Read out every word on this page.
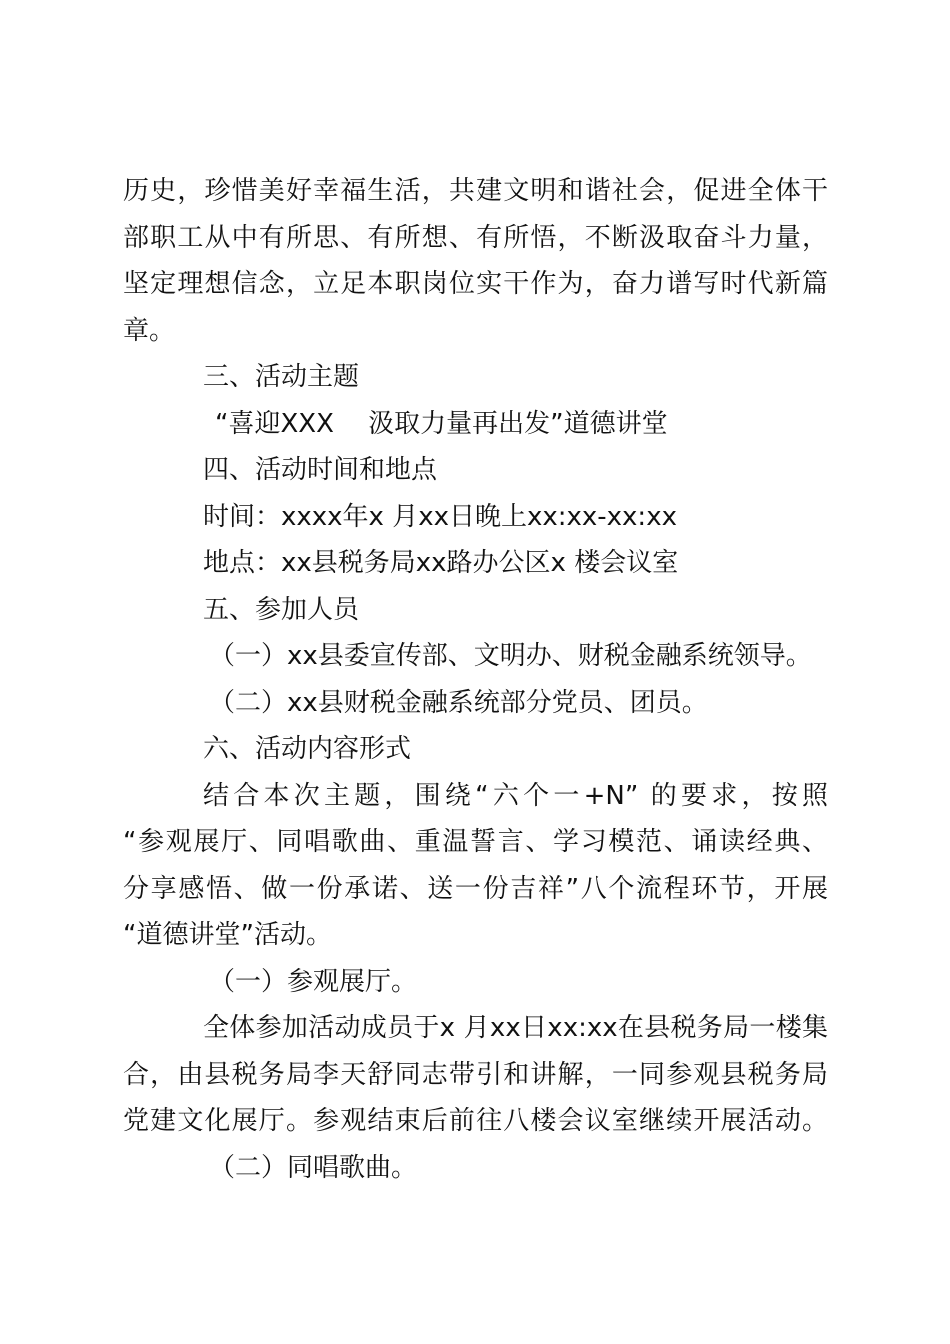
历史，珍惜美好幸福生活，共建文明和谐社会，促进全体干
部职工从中有所思、有所想、有所悟，不断汲取奋斗力量，
坚定理想信念，立足本职岗位实干作为，奋力谱写时代新篇
章。
三、活动主题
“喜迎XXX　 汲取力量再出发”道德讲堂
四、活动时间和地点
时间：xxxx年x 月xx日晚上xx:xx-xx:xx
地点：xx县税务局xx路办公区x 楼会议室
五、参加人员
（一）xx县委宣传部、文明办、财税金融系统领导。
（二）xx县财税金融系统部分党员、团员。
六、活动内容形式
结合本次主题，围绕“六个一+N” 的要求，按照
“参观展厅、同唱歌曲、重温誓言、学习模范、诵读经典、
分享感悟、做一份承诺、送一份吉祥”八个流程环节，开展
“道德讲堂”活动。
（一）参观展厅。
全体参加活动成员于x 月xx日xx:xx在县税务局一楼集
合，由县税务局李天舒同志带引和讲解，一同参观县税务局
党建文化展厅。参观结束后前往八楼会议室继续开展活动。
（二）同唱歌曲。
